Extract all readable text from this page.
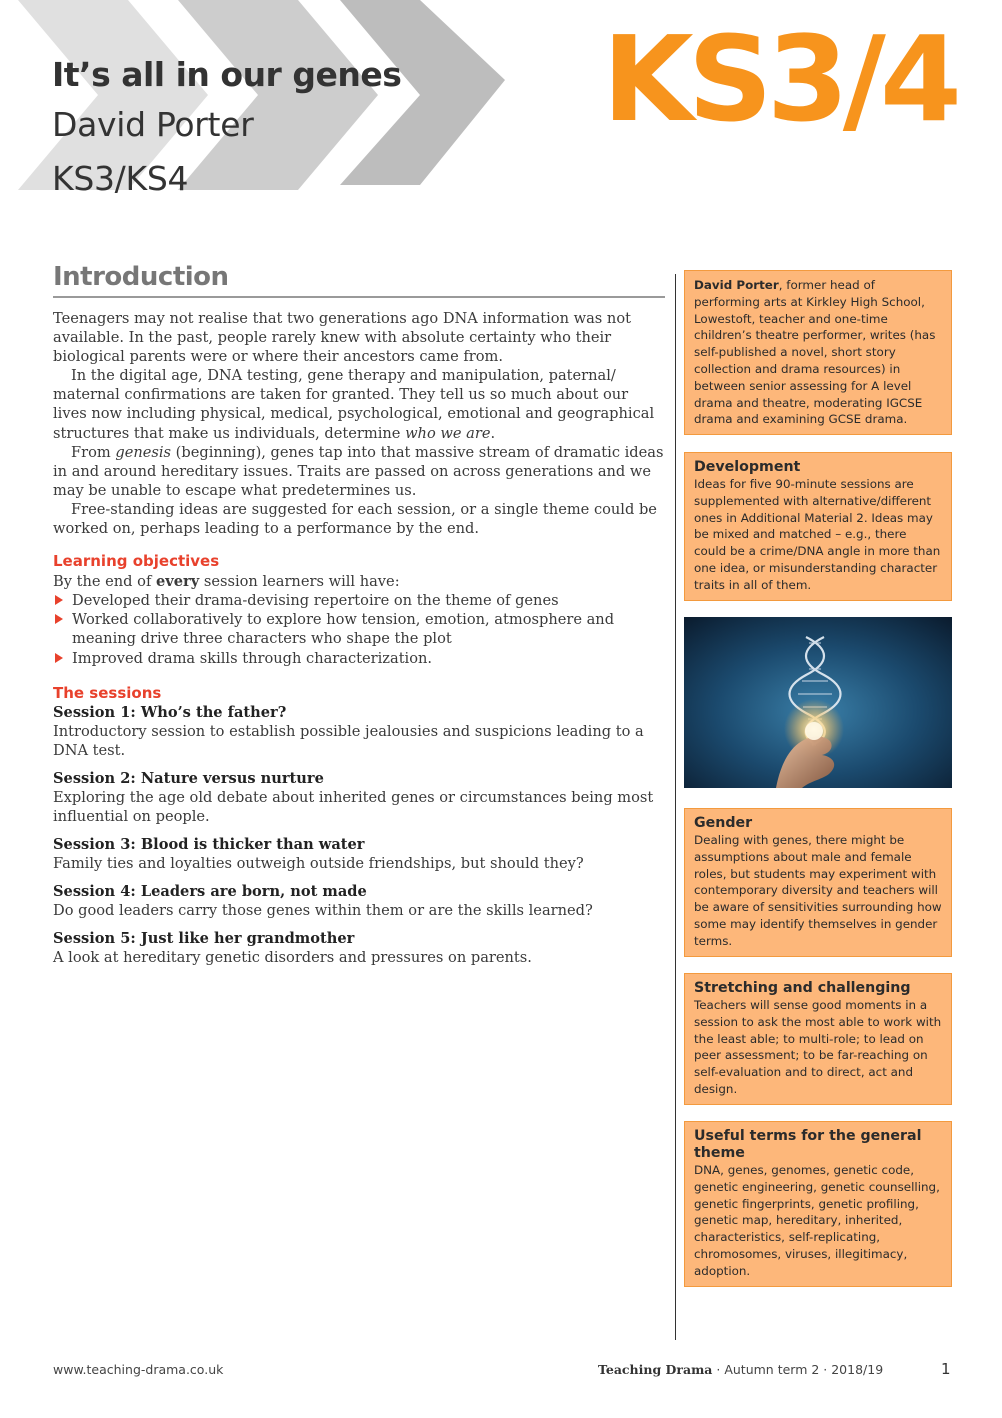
It’s all in our genes
David Porter
KS3/KS4
KS3/4
Introduction

Teenagers may not realise that two generations ago DNA information was not available. In the past, people rarely knew with absolute certainty who their biological parents were or where their ancestors came from.

In the digital age, DNA testing, gene therapy and manipulation, paternal/ maternal confirmations are taken for granted. They tell us so much about our lives now including physical, medical, psychological, emotional and geographical structures that make us individuals, determine who we are.

From genesis (beginning), genes tap into that massive stream of dramatic ideas in and around hereditary issues. Traits are passed on across generations and we may be unable to escape what predetermines us.

Free-standing ideas are suggested for each session, or a single theme could be worked on, perhaps leading to a performance by the end.

Learning objectives
By the end of every session learners will have:
Developed their drama-devising repertoire on the theme of genes
Worked collaboratively to explore how tension, emotion, atmosphere and meaning drive three characters who shape the plot
Improved drama skills through characterization.
The sessions
Session 1: Who’s the father?
Introductory session to establish possible jealousies and suspicions leading to a DNA test.
Session 2: Nature versus nurture
Exploring the age old debate about inherited genes or circumstances being most influential on people.
Session 3: Blood is thicker than water
Family ties and loyalties outweigh outside friendships, but should they?
Session 4: Leaders are born, not made
Do good leaders carry those genes within them or are the skills learned?
Session 5: Just like her grandmother
A look at hereditary genetic disorders and pressures on parents.
David Porter, former head of performing arts at Kirkley High School, Lowestoft, teacher and one-time children’s theatre performer, writes (has self-published a novel, short story collection and drama resources) in between senior assessing for A level drama and theatre, moderating IGCSE drama and examining GCSE drama.
Development
Ideas for five 90-minute sessions are supplemented with alternative/different ones in Additional Material 2. Ideas may be mixed and matched – e.g., there could be a crime/DNA angle in more than one idea, or misunderstanding character traits in all of them.
Gender
Dealing with genes, there might be assumptions about male and female roles, but students may experiment with contemporary diversity and teachers will be aware of sensitivities surrounding how some may identify themselves in gender terms.
Stretching and challenging
Teachers will sense good moments in a session to ask the most able to work with the least able; to multi-role; to lead on peer assessment; to be far-reaching on self-evaluation and to direct, act and design.
Useful terms for the general theme
DNA, genes, genomes, genetic code, genetic engineering, genetic counselling, genetic fingerprints, genetic profiling, genetic map, hereditary, inherited, characteristics, self-replicating, chromosomes, viruses, illegitimacy, adoption.
www.teaching-drama.co.uk	Teaching Drama · Autumn term 2 · 2018/19	1
